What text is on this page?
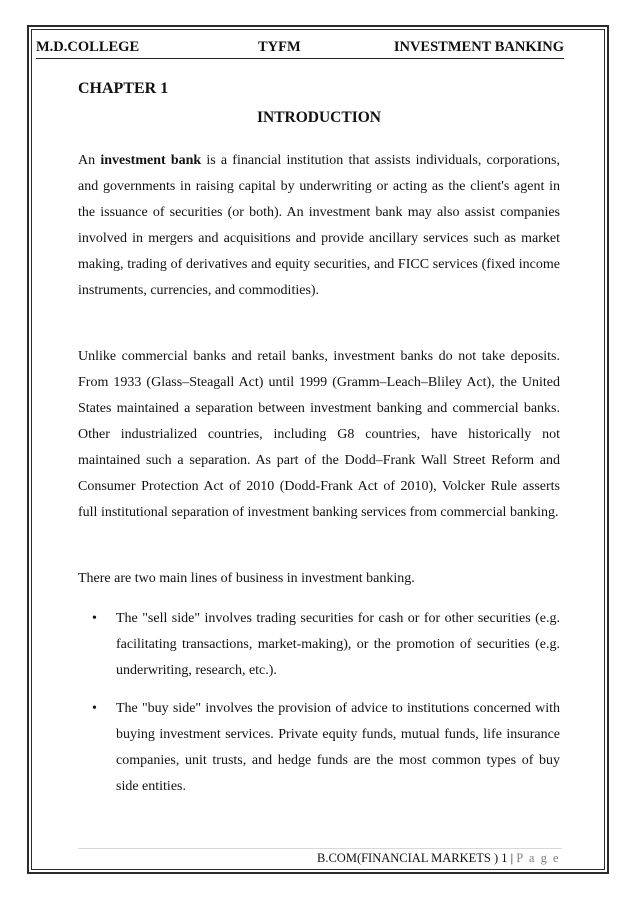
M.D.COLLEGE	TYFM	INVESTMENT BANKING
CHAPTER 1
INTRODUCTION

An investment bank is a financial institution that assists individuals, corporations, and governments in raising capital by underwriting or acting as the client's agent in the issuance of securities (or both). An investment bank may also assist companies involved in mergers and acquisitions and provide ancillary services such as market making, trading of derivatives and equity securities, and FICC services (fixed income instruments, currencies, and commodities).

Unlike commercial banks and retail banks, investment banks do not take deposits. From 1933 (Glass–Steagall Act) until 1999 (Gramm–Leach–Bliley Act), the United States maintained a separation between investment banking and commercial banks. Other industrialized countries, including G8 countries, have historically not maintained such a separation. As part of the Dodd–Frank Wall Street Reform and Consumer Protection Act of 2010 (Dodd-Frank Act of 2010), Volcker Rule asserts full institutional separation of investment banking services from commercial banking.

There are two main lines of business in investment banking.

• The "sell side" involves trading securities for cash or for other securities (e.g. facilitating transactions, market-making), or the promotion of securities (e.g. underwriting, research, etc.).
• The "buy side" involves the provision of advice to institutions concerned with buying investment services. Private equity funds, mutual funds, life insurance companies, unit trusts, and hedge funds are the most common types of buy side entities.
B.COM(FINANCIAL MARKETS ) 1 | P a g e
